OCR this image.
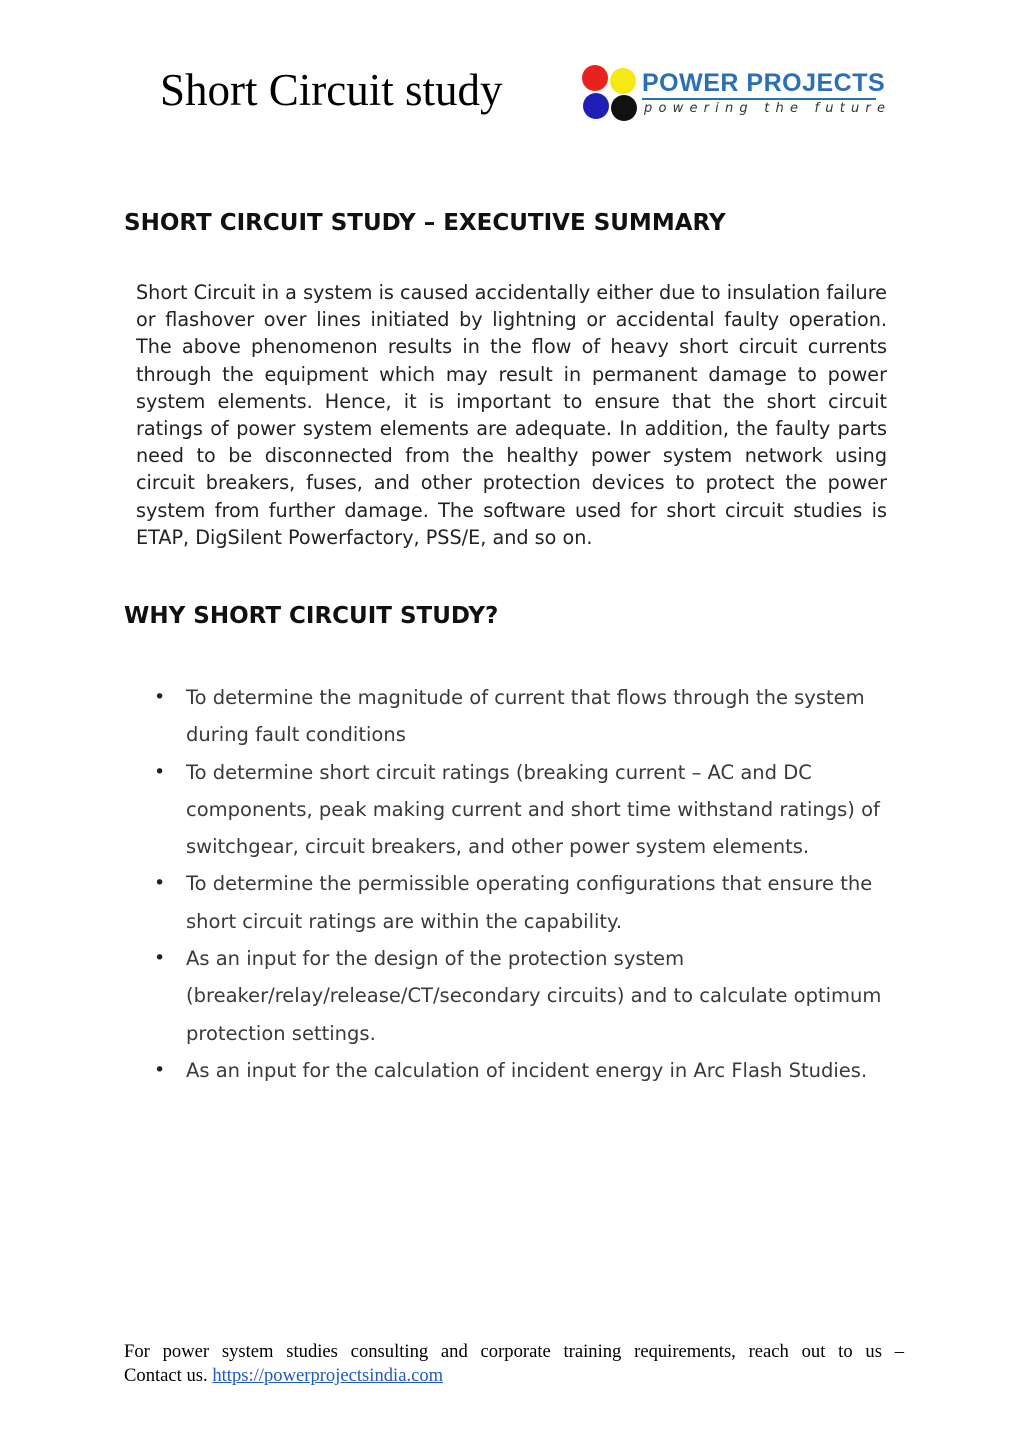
Short Circuit study	POWER PROJECTS
powering the future
SHORT CIRCUIT STUDY – EXECUTIVE SUMMARY

Short Circuit in a system is caused accidentally either due to insulation failure or flashover over lines initiated by lightning or accidental faulty operation. The above phenomenon results in the flow of heavy short circuit currents through the equipment which may result in permanent damage to power system elements. Hence, it is important to ensure that the short circuit ratings of power system elements are adequate. In addition, the faulty parts need to be disconnected from the healthy power system network using circuit breakers, fuses, and other protection devices to protect the power system from further damage. The software used for short circuit studies is ETAP, DigSilent Powerfactory, PSS/E, and so on.

WHY SHORT CIRCUIT STUDY?
• To determine the magnitude of current that flows through the system during fault conditions
• To determine short circuit ratings (breaking current – AC and DC components, peak making current and short time withstand ratings) of switchgear, circuit breakers, and other power system elements.
• To determine the permissible operating configurations that ensure the short circuit ratings are within the capability.
• As an input for the design of the protection system (breaker/relay/release/CT/secondary circuits) and to calculate optimum protection settings.
• As an input for the calculation of incident energy in Arc Flash Studies.
For power system studies consulting and corporate training requirements, reach out to us –
Contact us. https://powerprojectsindia.com
